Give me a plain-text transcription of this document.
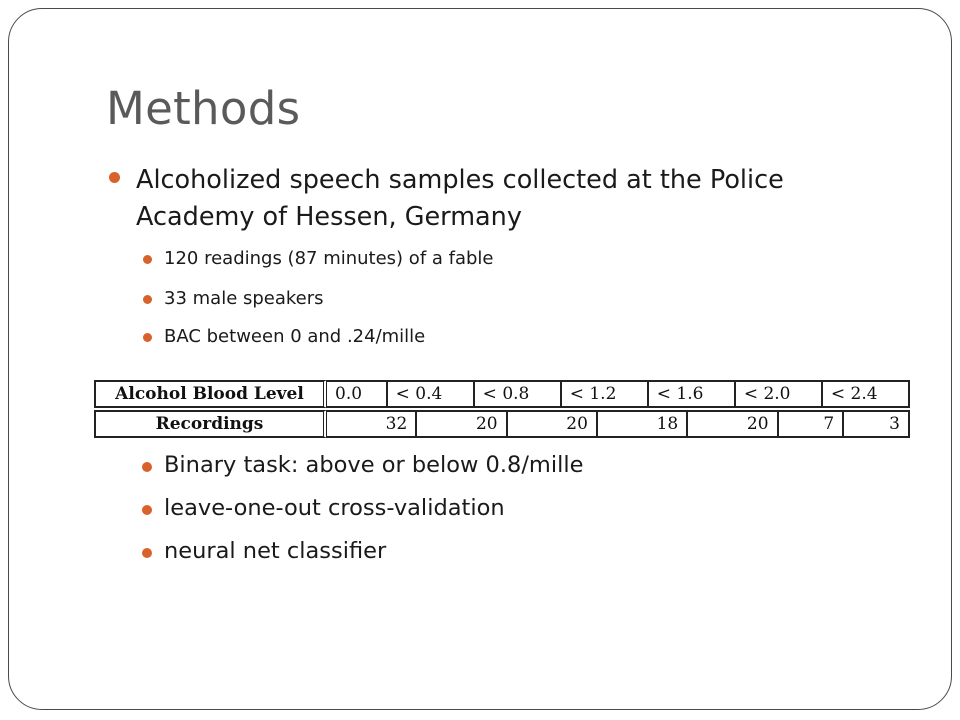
Methods
Alcoholized speech samples collected at the Police Academy of Hessen, Germany
120 readings (87 minutes) of a fable
33 male speakers
BAC between 0 and .24/mille
Alcohol Blood Level	0.0	< 0.4	< 0.8	< 1.2	< 1.6	< 2.0	< 2.4
Recordings	32	20	20	18	20	7	3
Binary task: above or below 0.8/mille
leave-one-out cross-validation
neural net classifier
